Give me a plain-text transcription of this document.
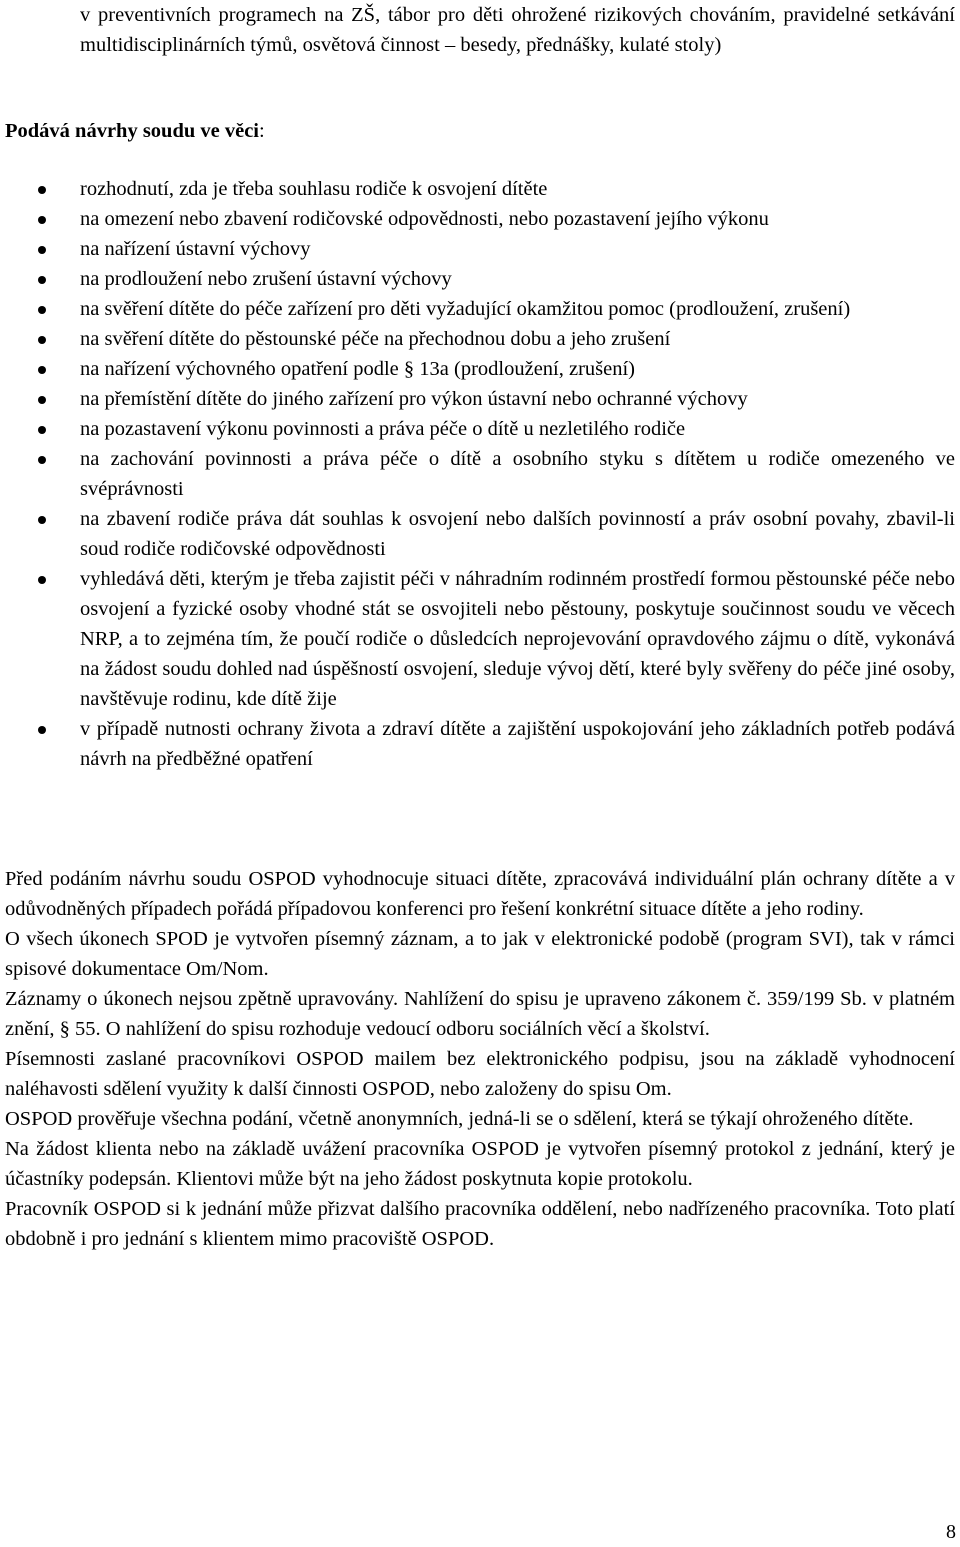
v preventivních programech na ZŠ, tábor pro děti ohrožené rizikových chováním, pravidelné setkávání multidisciplinárních týmů, osvětová činnost – besedy, přednášky, kulaté stoly)

Podává návrhy soudu ve věci:
rozhodnutí, zda je třeba souhlasu rodiče k osvojení dítěte
na omezení nebo zbavení rodičovské odpovědnosti, nebo pozastavení jejího výkonu
na nařízení ústavní výchovy
na prodloužení nebo zrušení ústavní výchovy
na svěření dítěte do péče zařízení pro děti vyžadující okamžitou pomoc (prodloužení, zrušení)
na svěření dítěte do pěstounské péče na přechodnou dobu a jeho zrušení
na nařízení výchovného opatření podle § 13a (prodloužení, zrušení)
na přemístění dítěte do jiného zařízení pro výkon ústavní nebo ochranné výchovy
na pozastavení výkonu povinnosti a práva péče o dítě u nezletilého rodiče
na zachování povinnosti a práva péče o dítě a osobního styku s dítětem u rodiče omezeného ve svéprávnosti
na zbavení rodiče práva dát souhlas k osvojení nebo dalších povinností a práv osobní povahy, zbavil-li soud rodiče rodičovské odpovědnosti
vyhledává děti, kterým je třeba zajistit péči v náhradním rodinném prostředí formou pěstounské péče nebo osvojení a fyzické osoby vhodné stát se osvojiteli nebo pěstouny, poskytuje součinnost soudu ve věcech NRP, a to zejména tím, že poučí rodiče o důsledcích neprojevování opravdového zájmu o dítě, vykonává na žádost soudu dohled nad úspěšností osvojení, sleduje vývoj dětí, které byly svěřeny do péče jiné osoby, navštěvuje rodinu, kde dítě žije
v případě nutnosti ochrany života a zdraví dítěte a zajištění uspokojování jeho základních potřeb podává návrh na předběžné opatření

Před podáním návrhu soudu OSPOD vyhodnocuje situaci dítěte, zpracovává individuální plán ochrany dítěte a v odůvodněných případech pořádá případovou konferenci pro řešení konkrétní situace dítěte a jeho rodiny.

O všech úkonech SPOD je vytvořen písemný záznam, a to jak v elektronické podobě (program SVI), tak v rámci spisové dokumentace Om/Nom.

Záznamy o úkonech nejsou zpětně upravovány. Nahlížení do spisu je upraveno zákonem č. 359/199 Sb. v platném znění, § 55. O nahlížení do spisu rozhoduje vedoucí odboru sociálních věcí a školství.

Písemnosti zaslané pracovníkovi OSPOD mailem bez elektronického podpisu, jsou na základě vyhodnocení naléhavosti sdělení využity k další činnosti OSPOD, nebo založeny do spisu Om.

OSPOD prověřuje všechna podání, včetně anonymních, jedná-li se o sdělení, která se týkají ohroženého dítěte.

Na žádost klienta nebo na základě uvážení pracovníka OSPOD je vytvořen písemný protokol z jednání, který je účastníky podepsán. Klientovi může být na jeho žádost poskytnuta kopie protokolu.

Pracovník OSPOD si k jednání může přizvat dalšího pracovníka oddělení, nebo nadřízeného pracovníka. Toto platí obdobně i pro jednání s klientem mimo pracoviště OSPOD.

8
